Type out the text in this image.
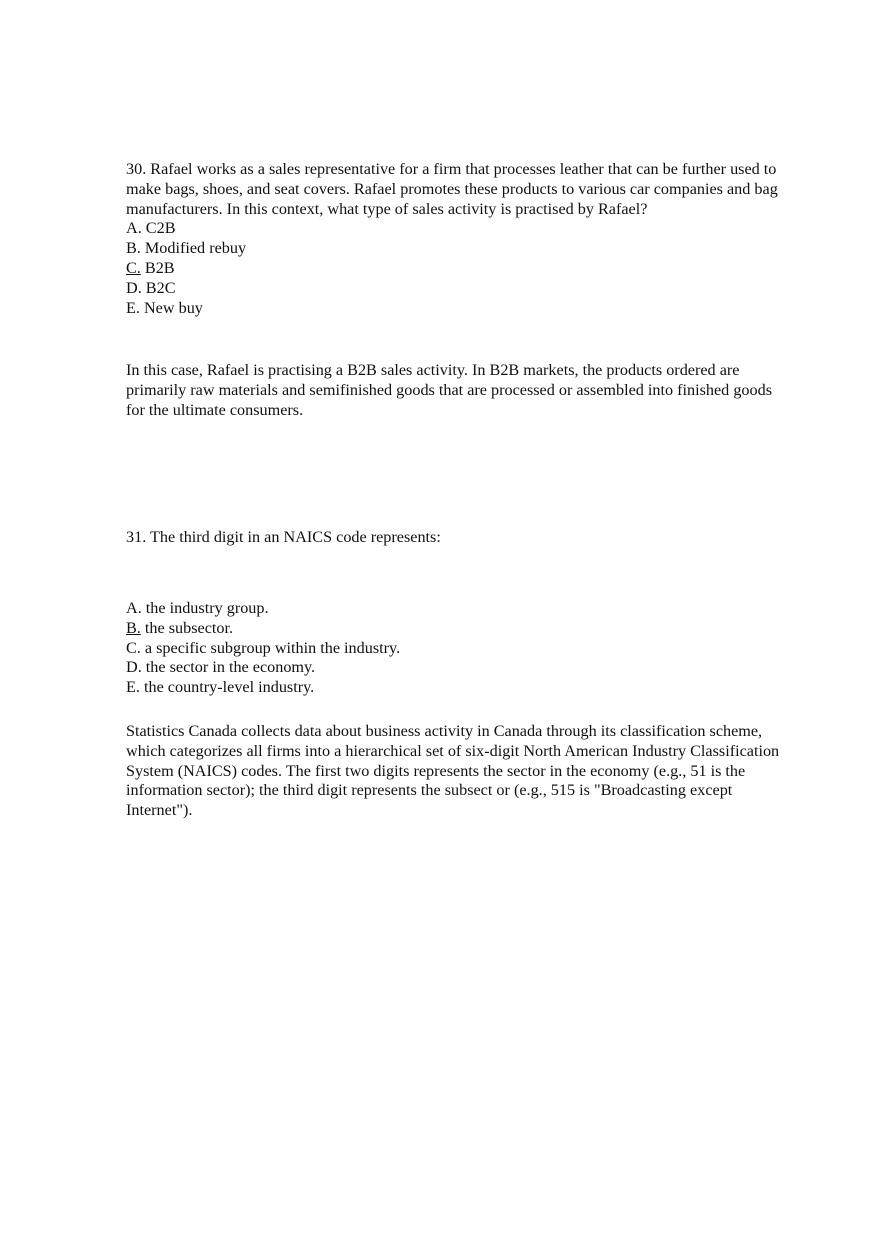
30. Rafael works as a sales representative for a firm that processes leather that can be further used to make bags, shoes, and seat covers. Rafael promotes these products to various car companies and bag manufacturers. In this context, what type of sales activity is practised by Rafael?

A. C2B
B. Modified rebuy
C. B2B
D. B2C
E. New buy

In this case, Rafael is practising a B2B sales activity. In B2B markets, the products ordered are primarily raw materials and semifinished goods that are processed or assembled into finished goods for the ultimate consumers.

31. The third digit in an NAICS code represents:

A. the industry group.
B. the subsector.
C. a specific subgroup within the industry.
D. the sector in the economy.
E. the country-level industry.

Statistics Canada collects data about business activity in Canada through its classification scheme, which categorizes all firms into a hierarchical set of six-digit North American Industry Classification System (NAICS) codes. The first two digits represents the sector in the economy (e.g., 51 is the information sector); the third digit represents the subsect or (e.g., 515 is "Broadcasting except Internet").
